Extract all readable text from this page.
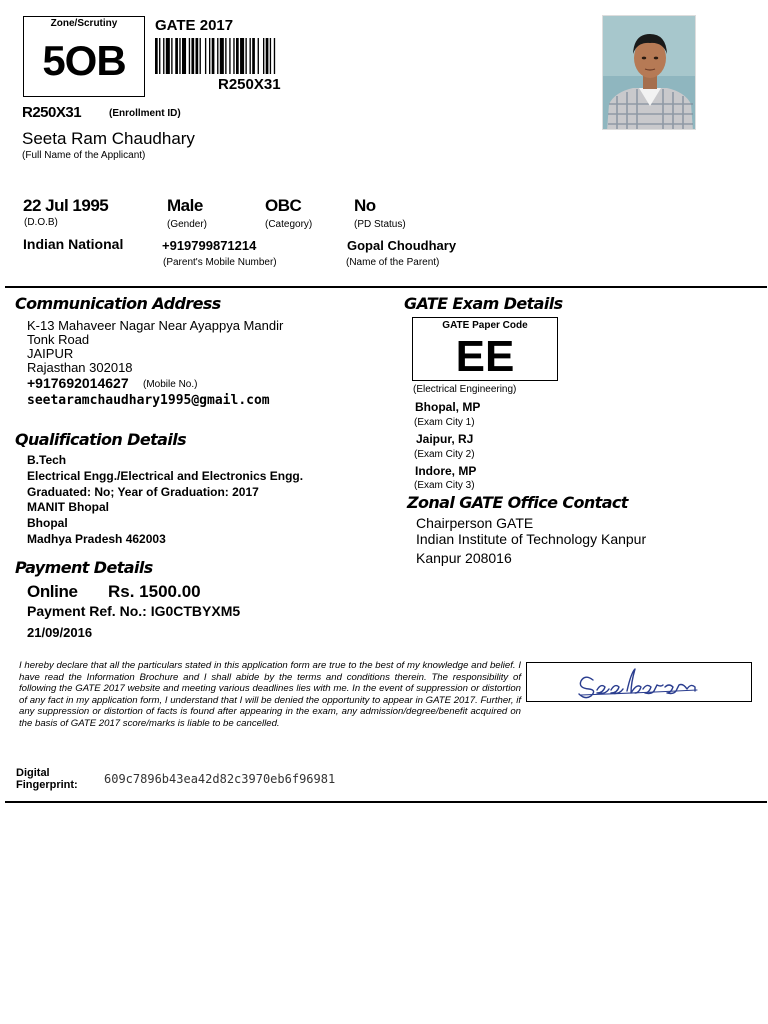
Zone/Scrutiny
5OB
GATE 2017
R250X31
R250X31	(Enrollment ID)
Seeta Ram Chaudhary
(Full Name of the Applicant)
22 Jul 1995
(D.O.B)
Male
(Gender)
OBC
(Category)
No
(PD Status)
Indian National	+919799871214
(Parent's Mobile Number)
Gopal Choudhary
(Name of the Parent)
Communication Address
K-13 Mahaveer Nagar Near Ayappya Mandir
Tonk Road
JAIPUR
Rajasthan 302018
+917692014627 (Mobile No.)
seetaramchaudhary1995@gmail.com
Qualification Details
B.Tech
Electrical Engg./Electrical and Electronics Engg.
Graduated: No; Year of Graduation: 2017
MANIT Bhopal
Bhopal
Madhya Pradesh 462003
Payment Details
Online Rs. 1500.00
Payment Ref. No.: IG0CTBYXM5
21/09/2016
GATE Exam Details
GATE Paper Code
EE
(Electrical Engineering)
Bhopal, MP
(Exam City 1)
Jaipur, RJ
(Exam City 2)
Indore, MP
(Exam City 3)
Zonal GATE Office Contact
Chairperson GATE
Indian Institute of Technology Kanpur
Kanpur 208016
I hereby declare that all the particulars stated in this application form are true to the best of my knowledge and belief. I have read the Information Brochure and I shall abide by the terms and conditions therein. The responsibility of following the GATE 2017 website and meeting various deadlines lies with me. In the event of suppression or distortion of any fact in my application form, I understand that I will be denied the opportunity to appear in GATE 2017. Further, if any suppression or distortion of facts is found after appearing in the exam, any admission/degree/benefit acquired on the basis of GATE 2017 score/marks is liable to be cancelled.
Digital
Fingerprint: 609c7896b43ea42d82c3970eb6f96981
